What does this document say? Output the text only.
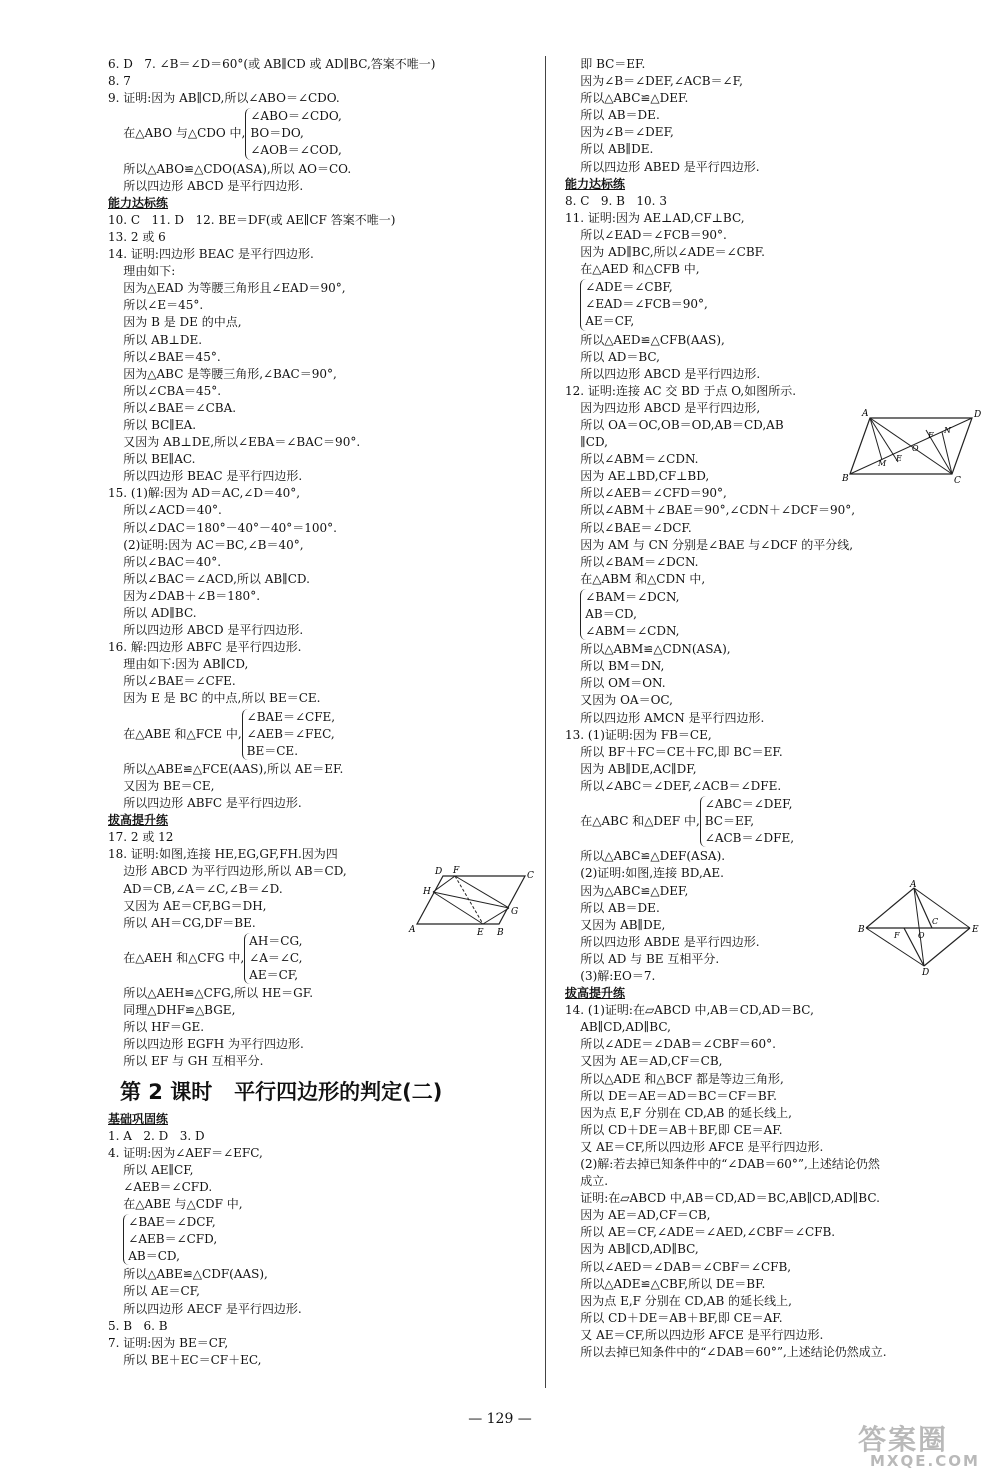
6. D   7. ∠B＝∠D＝60°(或 AB∥CD 或 AD∥BC,答案不唯一)
8. 7
9. 证明:因为 AB∥CD,所以∠ABO＝∠CDO.
在△ABO 与△CDO 中,
∠ABO＝∠CDO,
BO＝DO,
∠AOB＝∠COD,
所以△ABO≌△CDO(ASA),所以 AO＝CO.
所以四边形 ABCD 是平行四边形.
能力达标练
10. C   11. D   12. BE＝DF(或 AE∥CF 答案不唯一)
13. 2 或 6
14. 证明:四边形 BEAC 是平行四边形.
理由如下:
因为△EAD 为等腰三角形且∠EAD＝90°,
所以∠E＝45°.
因为 B 是 DE 的中点,
所以 AB⊥DE.
所以∠BAE＝45°.
因为△ABC 是等腰三角形,∠BAC＝90°,
所以∠CBA＝45°.
所以∠BAE＝∠CBA.
所以 BC∥EA.
又因为 AB⊥DE,所以∠EBA＝∠BAC＝90°.
所以 BE∥AC.
所以四边形 BEAC 是平行四边形.
15. (1)解:因为 AD＝AC,∠D＝40°,
所以∠ACD＝40°.
所以∠DAC＝180°－40°－40°＝100°.
(2)证明:因为 AC＝BC,∠B＝40°,
所以∠BAC＝40°.
所以∠BAC＝∠ACD,所以 AB∥CD.
因为∠DAB＋∠B＝180°.
所以 AD∥BC.
所以四边形 ABCD 是平行四边形.
16. 解:四边形 ABFC 是平行四边形.
理由如下:因为 AB∥CD,
所以∠BAE＝∠CFE.
因为 E 是 BC 的中点,所以 BE＝CE.
在△ABE 和△FCE 中,
∠BAE＝∠CFE,
∠AEB＝∠FEC,
BE＝CE.
所以△ABE≌△FCE(AAS),所以 AE＝EF.
又因为 BE＝CE,
所以四边形 ABFC 是平行四边形.
拔高提升练
17. 2 或 12
18. 证明:如图,连接 HE,EG,GF,FH.因为四
边形 ABCD 为平行四边形,所以 AB＝CD,
AD＝CB,∠A＝∠C,∠B＝∠D.
又因为 AE＝CF,BG＝DH,
所以 AH＝CG,DF＝BE.
在△AEH 和△CFG 中,
AH＝CG,
∠A＝∠C,
AE＝CF,
所以△AEH≌△CFG,所以 HE＝GF.
同理△DHF≌△BGE,
所以 HF＝GE.
所以四边形 EGFH 为平行四边形.
所以 EF 与 GH 互相平分.
第 2 课时   平行四边形的判定(二)
基础巩固练
1. A   2. D   3. D
4. 证明:因为∠AEF＝∠EFC,
所以 AE∥CF,
∠AEB＝∠CFD.
在△ABE 与△CDF 中,

∠BAE＝∠DCF,
∠AEB＝∠CFD,
AB＝CD,
所以△ABE≌△CDF(AAS),
所以 AE＝CF,
所以四边形 AECF 是平行四边形.
5. B   6. B
7. 证明:因为 BE＝CF,
所以 BE＋EC＝CF＋EC,
即 BC＝EF.
因为∠B＝∠DEF,∠ACB＝∠F,
所以△ABC≌△DEF.
所以 AB＝DE.
因为∠B＝∠DEF,
所以 AB∥DE.
所以四边形 ABED 是平行四边形.
能力达标练
8. C   9. B   10. 3
11. 证明:因为 AE⊥AD,CF⊥BC,
所以∠EAD＝∠FCB＝90°.
因为 AD∥BC,所以∠ADE＝∠CBF.
在△AED 和△CFB 中,

∠ADE＝∠CBF,
∠EAD＝∠FCB＝90°,
AE＝CF,
所以△AED≌△CFB(AAS),
所以 AD＝BC,
所以四边形 ABCD 是平行四边形.
12. 证明:连接 AC 交 BD 于点 O,如图所示.
因为四边形 ABCD 是平行四边形,
所以 OA＝OC,OB＝OD,AB＝CD,AB
∥CD,
所以∠ABM＝∠CDN.
因为 AE⊥BD,CF⊥BD,
所以∠AEB＝∠CFD＝90°,
所以∠ABM＋∠BAE＝90°,∠CDN＋∠DCF＝90°,
所以∠BAE＝∠DCF.
因为 AM 与 CN 分别是∠BAE 与∠DCF 的平分线,
所以∠BAM＝∠DCN.
在△ABM 和△CDN 中,

∠BAM＝∠DCN,
AB＝CD,
∠ABM＝∠CDN,
所以△ABM≌△CDN(ASA),
所以 BM＝DN,
所以 OM＝ON.
又因为 OA＝OC,
所以四边形 AMCN 是平行四边形.
13. (1)证明:因为 FB＝CE,
所以 BF＋FC＝CE＋FC,即 BC＝EF.
因为 AB∥DE,AC∥DF,
所以∠ABC＝∠DEF,∠ACB＝∠DFE.
在△ABC 和△DEF 中,
∠ABC＝∠DEF,
BC＝EF,
∠ACB＝∠DFE,
所以△ABC≌△DEF(ASA).
(2)证明:如图,连接 BD,AE.
因为△ABC≌△DEF,
所以 AB＝DE.
又因为 AB∥DE,
所以四边形 ABDE 是平行四边形.
所以 AD 与 BE 互相平分.
(3)解:EO＝7.
拔高提升练
14. (1)证明:在▱ABCD 中,AB＝CD,AD＝BC,
AB∥CD,AD∥BC,
所以∠ADE＝∠DAB＝∠CBF＝60°.
又因为 AE＝AD,CF＝CB,
所以△ADE 和△BCF 都是等边三角形,
所以 DE＝AE＝AD＝BC＝CF＝BF.
因为点 E,F 分别在 CD,AB 的延长线上,
所以 CD＋DE＝AB＋BF,即 CE＝AF.
又 AE＝CF,所以四边形 AFCE 是平行四边形.
(2)解:若去掉已知条件中的“∠DAB＝60°”,上述结论仍然
成立.
证明:在▱ABCD 中,AB＝CD,AD＝BC,AB∥CD,AD∥BC.
因为 AE＝AD,CF＝CB,
所以 AE＝CF,∠ADE＝∠AED,∠CBF＝∠CFB.
因为 AB∥CD,AD∥BC,
所以∠AED＝∠DAB＝∠CBF＝∠CFB,
所以△ADE≌△CBF,所以 DE＝BF.
因为点 E,F 分别在 CD,AB 的延长线上,
所以 CD＋DE＝AB＋BF,即 CE＝AF.
又 AE＝CF,所以四边形 AFCE 是平行四边形.
所以去掉已知条件中的“∠DAB＝60°”,上述结论仍然成立.
A
D F	C
H
G
E B
A	D
B	C
M
E
O
F
N
A
B	E
D
F
C
O
— 129 —
答案圈
MXQE.COM
